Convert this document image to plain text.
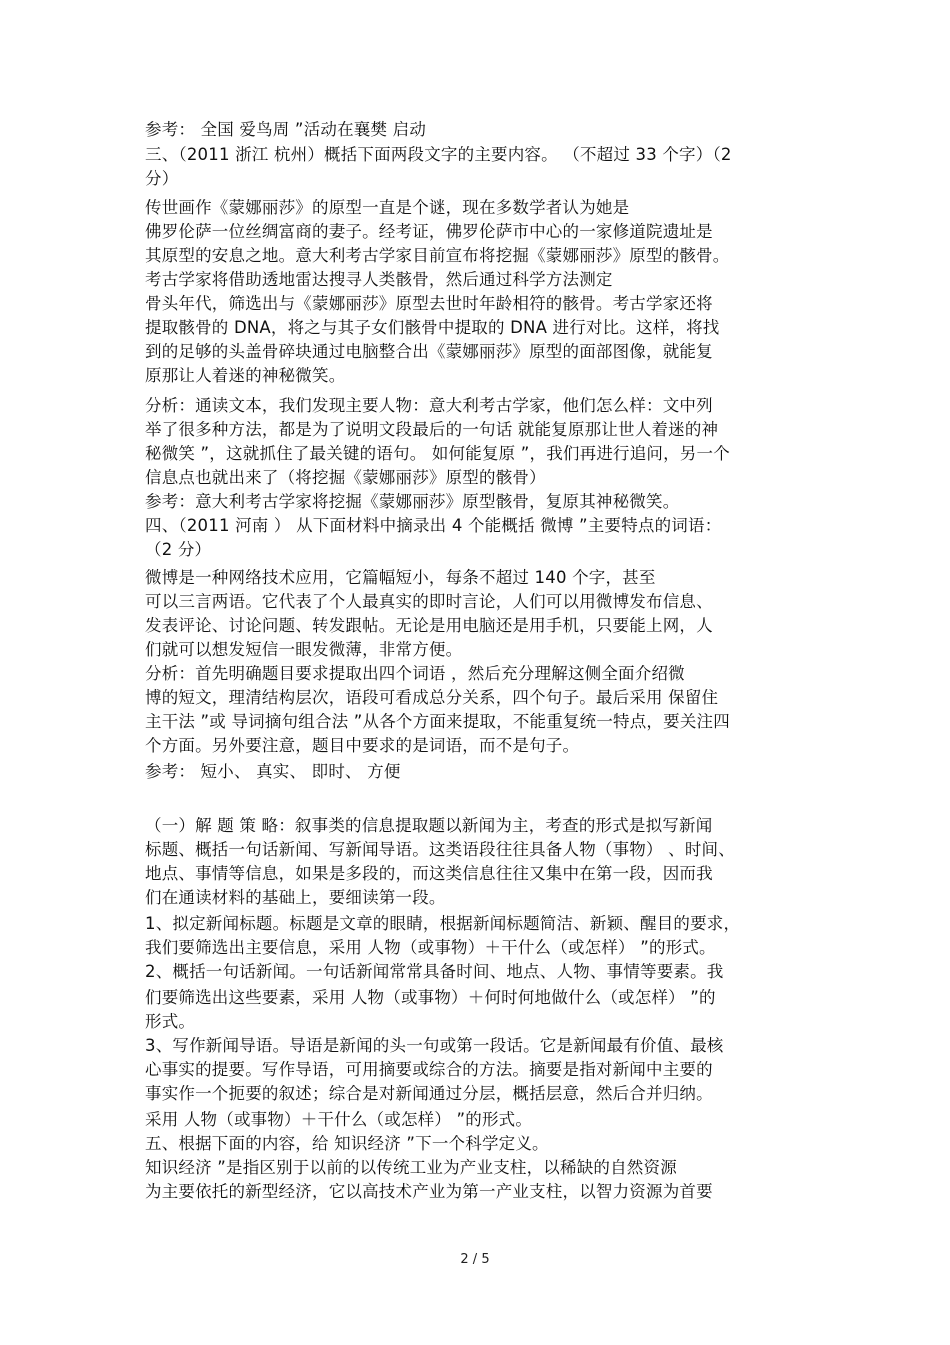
参考： 全国 爱鸟周 ”活动在襄樊 启动
三、（2011 浙江 杭州）概括下面两段文字的主要内容。 （不超过 33 个字）（2
分）
传世画作《蒙娜丽莎》的原型一直是个谜，现在多数学者认为她是
佛罗伦萨一位丝绸富商的妻子。经考证，佛罗伦萨市中心的一家修道院遗址是
其原型的安息之地。意大利考古学家目前宣布将挖掘《蒙娜丽莎》原型的骸骨。
考古学家将借助透地雷达搜寻人类骸骨，然后通过科学方法测定
骨头年代，筛选出与《蒙娜丽莎》原型去世时年龄相符的骸骨。考古学家还将
提取骸骨的 DNA，将之与其子女们骸骨中提取的 DNA 进行对比。这样，将找
到的足够的头盖骨碎块通过电脑整合出《蒙娜丽莎》原型的面部图像，就能复
原那让人着迷的神秘微笑。
分析：通读文本，我们发现主要人物：意大利考古学家，他们怎么样：文中列
举了很多种方法，都是为了说明文段最后的一句话 就能复原那让世人着迷的神
秘微笑 ”，这就抓住了最关键的语句。 如何能复原 ”，我们再进行追问，另一个
信息点也就出来了（将挖掘《蒙娜丽莎》原型的骸骨）
参考：意大利考古学家将挖掘《蒙娜丽莎》原型骸骨，复原其神秘微笑。
四、（2011 河南 ） 从下面材料中摘录出 4 个能概括 微博 ”主要特点的词语：
（2 分）
微博是一种网络技术应用，它篇幅短小，每条不超过 140 个字，甚至
可以三言两语。它代表了个人最真实的即时言论，人们可以用微博发布信息、
发表评论、讨论问题、转发跟帖。无论是用电脑还是用手机，只要能上网，人
们就可以想发短信一眼发微薄，非常方便。
分析：首先明确题目要求提取出四个词语 ，然后充分理解这侧全面介绍微
博的短文，理清结构层次，语段可看成总分关系，四个句子。最后采用 保留住
主干法 ”或 导词摘句组合法 ”从各个方面来提取，不能重复统一特点，要关注四
个方面。另外要注意，题目中要求的是词语，而不是句子。
参考： 短小、 真实、 即时、 方便
（一）解 题 策 略：叙事类的信息提取题以新闻为主，考查的形式是拟写新闻
标题、概括一句话新闻、写新闻导语。这类语段往往具备人物（事物） 、时间、
地点、事情等信息，如果是多段的，而这类信息往往又集中在第一段，因而我
们在通读材料的基础上，要细读第一段。
1、拟定新闻标题。标题是文章的眼睛，根据新闻标题简洁、新颖、醒目的要求，
我们要筛选出主要信息，采用 人物（或事物）＋干什么（或怎样） ”的形式。
2、概括一句话新闻。一句话新闻常常具备时间、地点、人物、事情等要素。我
们要筛选出这些要素，采用 人物（或事物）＋何时何地做什么（或怎样） ”的
形式。
3、写作新闻导语。导语是新闻的头一句或第一段话。它是新闻最有价值、最核
心事实的提要。写作导语，可用摘要或综合的方法。摘要是指对新闻中主要的
事实作一个扼要的叙述；综合是对新闻通过分层，概括层意，然后合并归纳。
采用 人物（或事物）＋干什么（或怎样） ”的形式。
五、根据下面的内容，给 知识经济 ”下一个科学定义。
知识经济 ”是指区别于以前的以传统工业为产业支柱，以稀缺的自然资源
为主要依托的新型经济，它以高技术产业为第一产业支柱，以智力资源为首要
2 / 5
